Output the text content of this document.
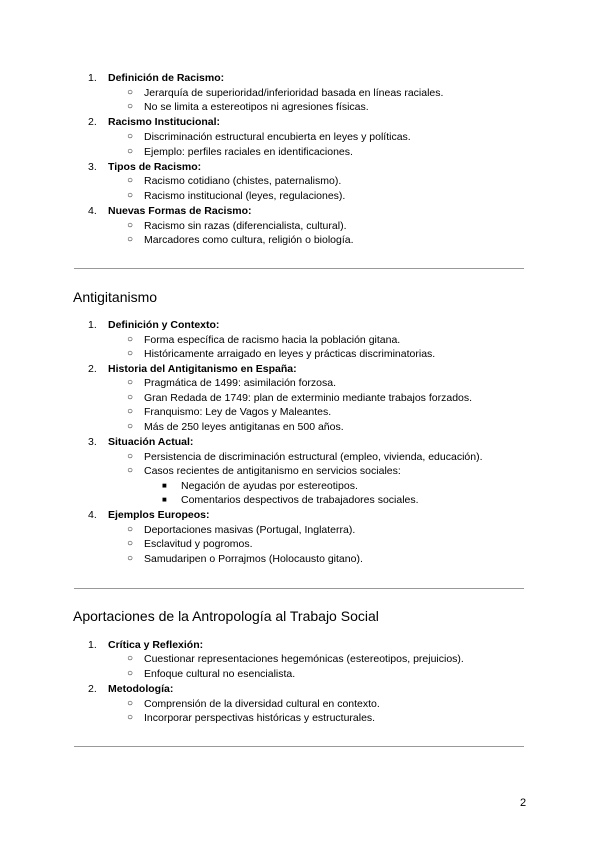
1. Definición de Racismo:
○ Jerarquía de superioridad/inferioridad basada en líneas raciales.
○ No se limita a estereotipos ni agresiones físicas.
2. Racismo Institucional:
○ Discriminación estructural encubierta en leyes y políticas.
○ Ejemplo: perfiles raciales en identificaciones.
3. Tipos de Racismo:
○ Racismo cotidiano (chistes, paternalismo).
○ Racismo institucional (leyes, regulaciones).
4. Nuevas Formas de Racismo:
○ Racismo sin razas (diferencialista, cultural).
○ Marcadores como cultura, religión o biología.
Antigitanismo
1. Definición y Contexto:
○ Forma específica de racismo hacia la población gitana.
○ Históricamente arraigado en leyes y prácticas discriminatorias.
2. Historia del Antigitanismo en España:
○ Pragmática de 1499: asimilación forzosa.
○ Gran Redada de 1749: plan de exterminio mediante trabajos forzados.
○ Franquismo: Ley de Vagos y Maleantes.
○ Más de 250 leyes antigitanas en 500 años.
3. Situación Actual:
○ Persistencia de discriminación estructural (empleo, vivienda, educación).
○ Casos recientes de antigitanismo en servicios sociales:
■ Negación de ayudas por estereotipos.
■ Comentarios despectivos de trabajadores sociales.
4. Ejemplos Europeos:
○ Deportaciones masivas (Portugal, Inglaterra).
○ Esclavitud y pogromos.
○ Samudaripen o Porrajmos (Holocausto gitano).
Aportaciones de la Antropología al Trabajo Social
1. Crítica y Reflexión:
○ Cuestionar representaciones hegemónicas (estereotipos, prejuicios).
○ Enfoque cultural no esencialista.
2. Metodología:
○ Comprensión de la diversidad cultural en contexto.
○ Incorporar perspectivas históricas y estructurales.
2
